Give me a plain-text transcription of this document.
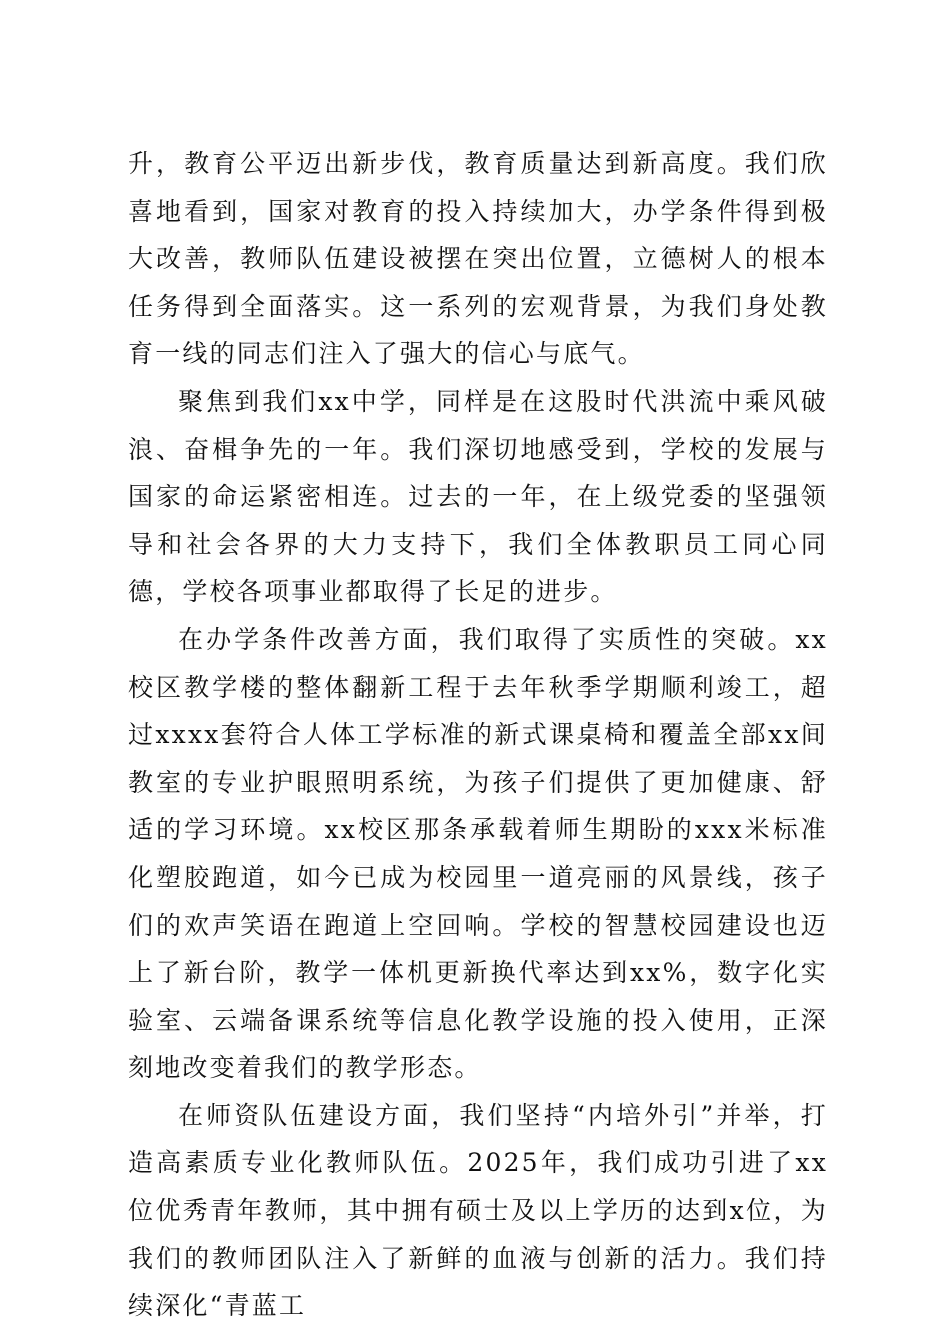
升，教育公平迈出新步伐，教育质量达到新高度。我们欣喜地看到，国家对教育的投入持续加大，办学条件得到极大改善，教师队伍建设被摆在突出位置，立德树人的根本任务得到全面落实。这一系列的宏观背景，为我们身处教育一线的同志们注入了强大的信心与底气。

聚焦到我们xx中学，同样是在这股时代洪流中乘风破浪、奋楫争先的一年。我们深切地感受到，学校的发展与国家的命运紧密相连。过去的一年，在上级党委的坚强领导和社会各界的大力支持下，我们全体教职员工同心同德，学校各项事业都取得了长足的进步。

在办学条件改善方面，我们取得了实质性的突破。xx校区教学楼的整体翻新工程于去年秋季学期顺利竣工，超过xxxx套符合人体工学标准的新式课桌椅和覆盖全部xx间教室的专业护眼照明系统，为孩子们提供了更加健康、舒适的学习环境。xx校区那条承载着师生期盼的xxx米标准化塑胶跑道，如今已成为校园里一道亮丽的风景线，孩子们的欢声笑语在跑道上空回响。学校的智慧校园建设也迈上了新台阶，教学一体机更新换代率达到xx%，数字化实验室、云端备课系统等信息化教学设施的投入使用，正深刻地改变着我们的教学形态。

在师资队伍建设方面，我们坚持“内培外引”并举，打造高素质专业化教师队伍。2025年，我们成功引进了xx位优秀青年教师，其中拥有硕士及以上学历的达到x位，为我们的教师团队注入了新鲜的血液与创新的活力。我们持续深化“青蓝工
